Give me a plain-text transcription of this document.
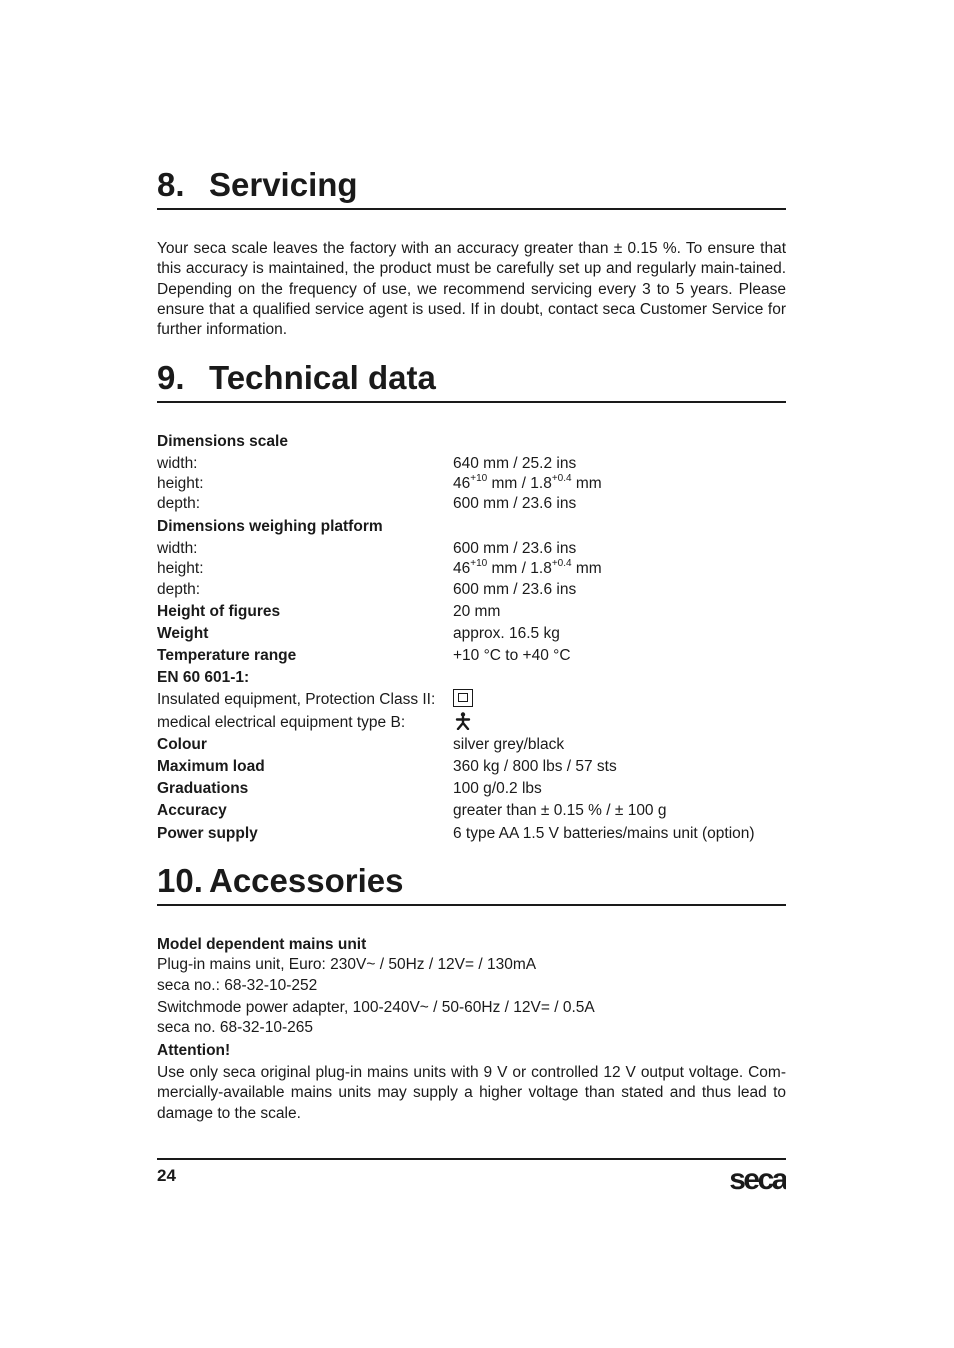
8. Servicing
Your seca scale leaves the factory with an accuracy greater than ± 0.15 %. To ensure that this accuracy is maintained, the product must be carefully set up and regularly main-tained. Depending on the frequency of use, we recommend servicing every 3 to 5 years. Please ensure that a qualified service agent is used. If in doubt, contact seca Customer Service for further information.
9. Technical data
Dimensions scale
width:	640 mm / 25.2 ins
height:	$46^{+10}$ mm / $1.8^{+0.4}$ mm
depth:	600 mm / 23.6 ins
Dimensions weighing platform
width:	600 mm / 23.6 ins
height:	$46^{+10}$ mm / $1.8^{+0.4}$ mm
depth:	600 mm / 23.6 ins
Height of figures	20 mm
Weight	approx. 16.5 kg
Temperature range	+10 °C to +40 °C
EN 60 601-1:
Insulated equipment, Protection Class II:
medical electrical equipment type B:
Colour	silver grey/black
Maximum load	360 kg / 800 lbs / 57 sts
Graduations	100 g/0.2 lbs
Accuracy	greater than ± 0.15 % / ± 100 g
Power supply	6 type AA 1.5 V batteries/mains unit (option)
10. Accessories
Model dependent mains unit
Plug-in mains unit, Euro: 230V~ / 50Hz / 12V= / 130mA
seca no.: 68-32-10-252
Switchmode power adapter, 100-240V~ / 50-60Hz / 12V= / 0.5A
seca no. 68-32-10-265
Attention!
Use only seca original plug-in mains units with 9 V or controlled 12 V output voltage. Com-mercially-available mains units may supply a higher voltage than stated and thus lead to damage to the scale.
24	seca
